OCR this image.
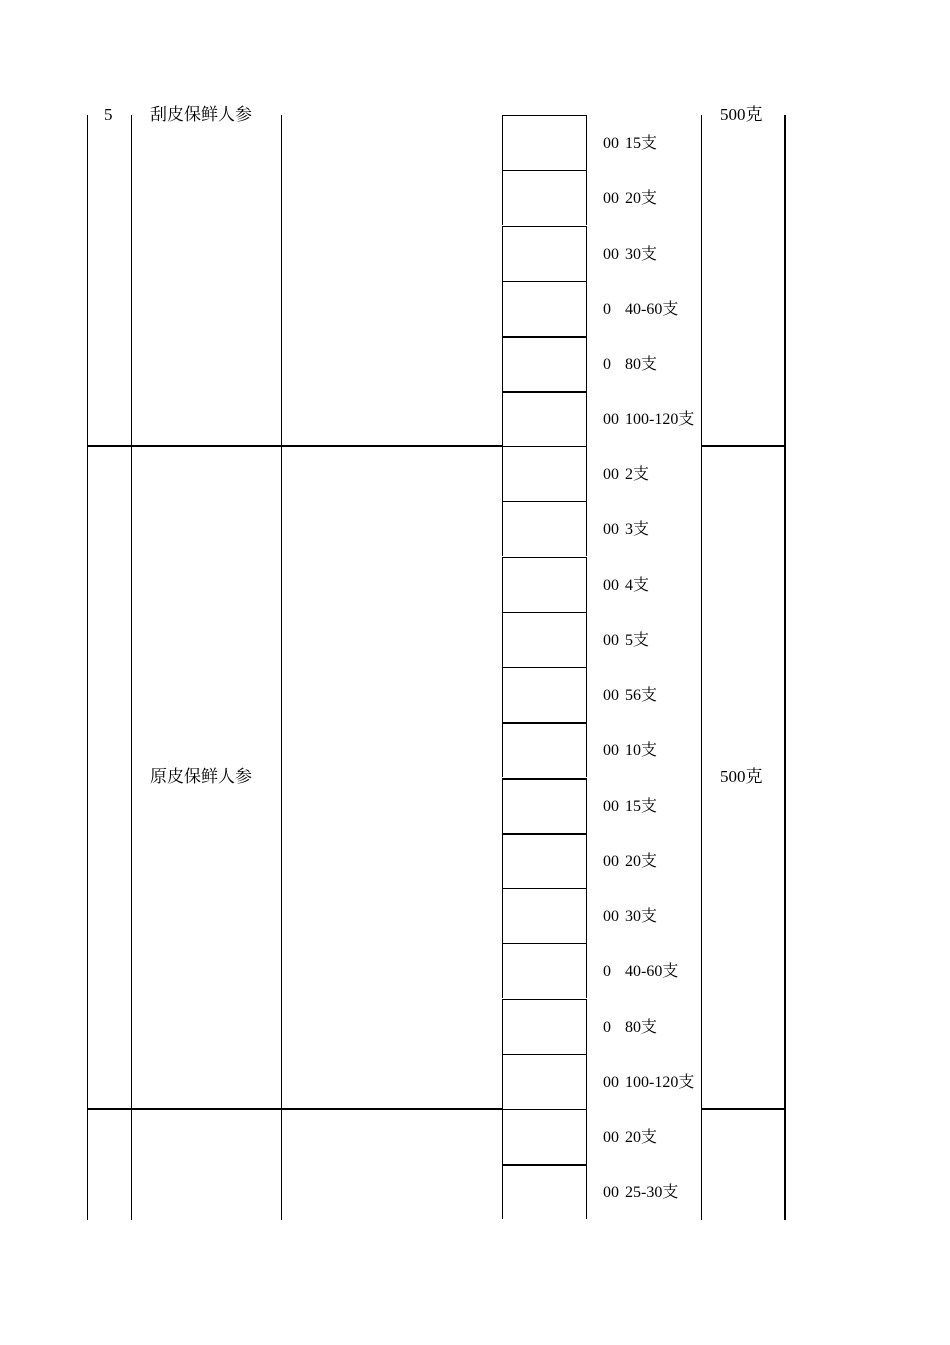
5 刮皮保鲜人参	500克
原皮保鲜人参	500克
00 15支
00 20支
00 30支
0 40-60支
0 80支
00 100-120支
00 2支
00 3支
00 4支
00 5支
00 56支
00 10支
00 15支
00 20支
00 30支
0 40-60支
0 80支
00 100-120支
00 20支
00 25-30支
